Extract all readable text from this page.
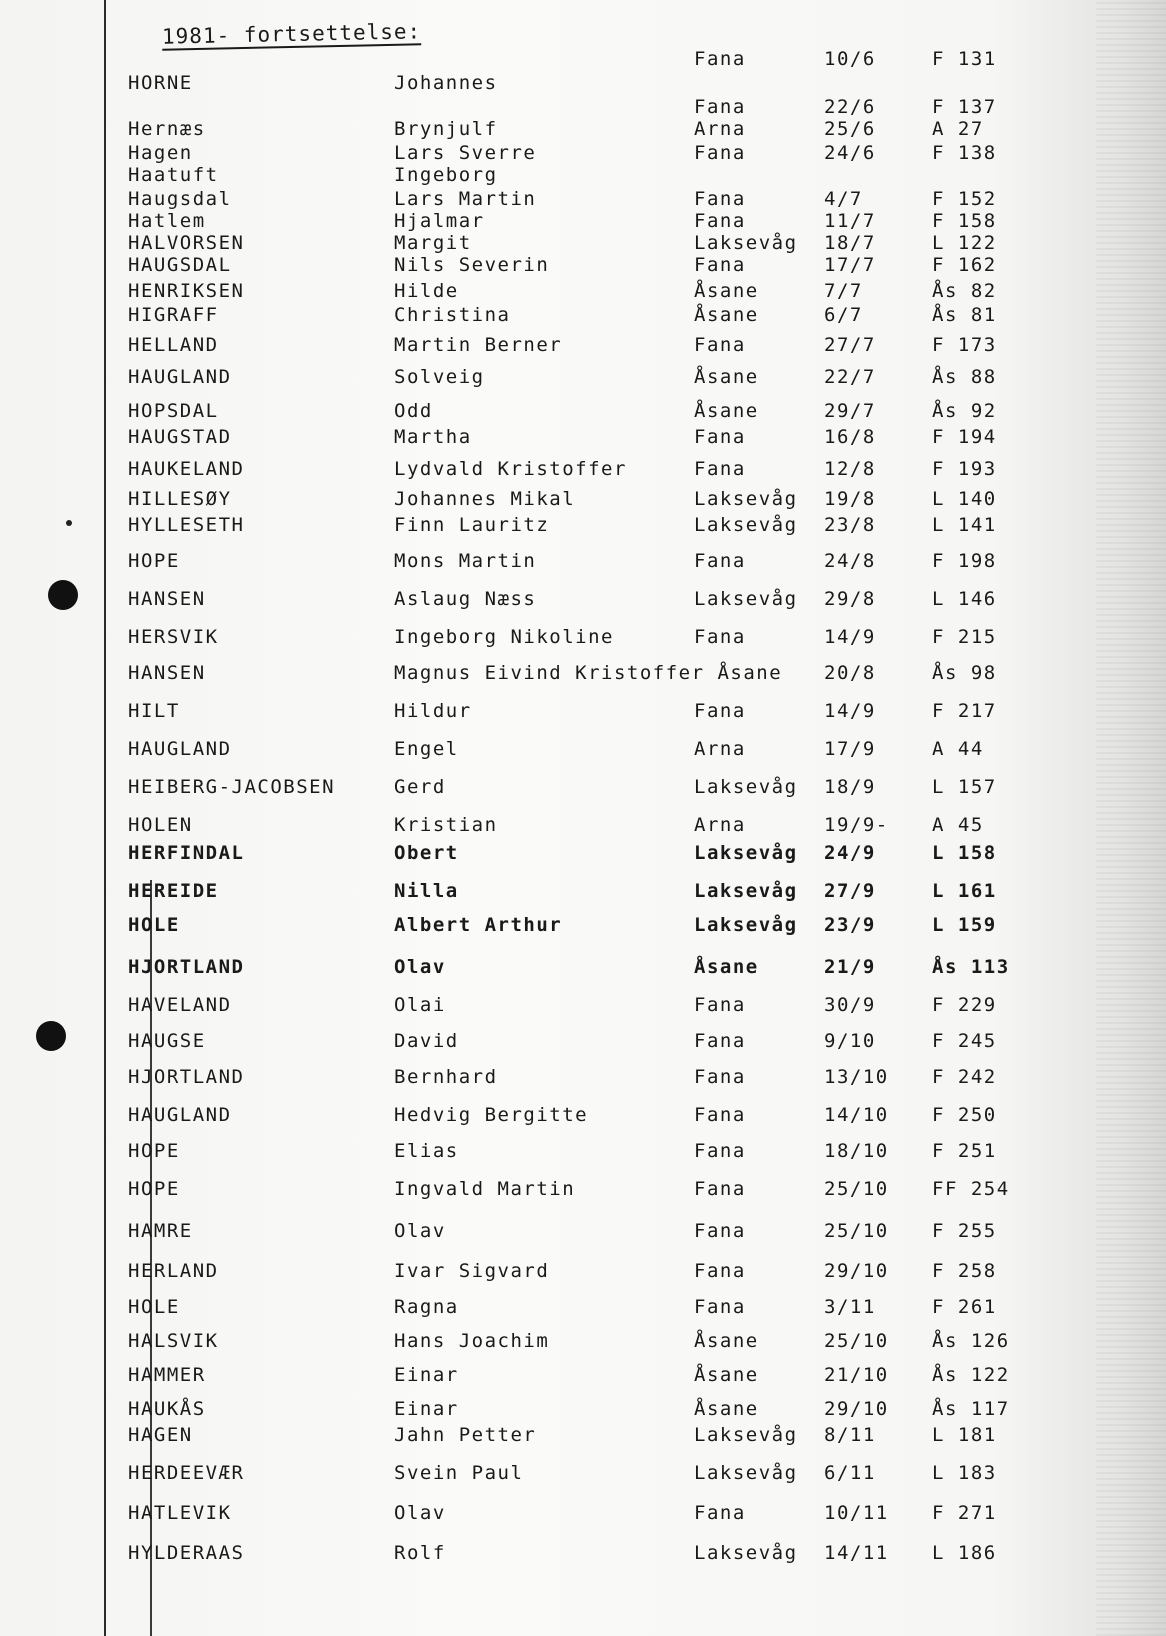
1981- fortsettelse:
Fana	10/6	F 131
HORNE	Johannes
Fana	22/6	F 137
Hernæs	Brynjulf	Arna	25/6	A 27
Hagen	Lars Sverre	Fana	24/6	F 138
Haatuft	Ingeborg
Haugsdal	Lars Martin	Fana	4/7	F 152
Hatlem	Hjalmar	Fana	11/7	F 158
HALVORSEN	Margit	Laksevåg 18/7	L 122
HAUGSDAL	Nils Severin	Fana	17/7	F 162
HENRIKSEN	Hilde	Åsane	7/7	Ås 82
HIGRAFF	Christina	Åsane	6/7	Ås 81
HELLAND	Martin Berner	Fana	27/7	F 173
HAUGLAND	Solveig	Åsane	22/7	Ås 88
HOPSDAL	Odd	Åsane	29/7	Ås 92
HAUGSTAD	Martha	Fana	16/8	F 194
HAUKELAND	Lydvald Kristoffer	Fana	12/8	F 193
HILLESØY	Johannes Mikal	Laksevåg 19/8	L 140
HYLLESETH	Finn Lauritz	Laksevåg 23/8	L 141
HOPE	Mons Martin	Fana	24/8	F 198
HANSEN	Aslaug Næss	Laksevåg 29/8	L 146
HERSVIK	Ingeborg Nikoline	Fana	14/9	F 215
HANSEN	Magnus Eivind Kristoffer Åsane 20/8	Ås 98
HILT	Hildur	Fana	14/9	F 217
HAUGLAND	Engel	Arna	17/9	A 44
HEIBERG-JACOBSEN	Gerd	Laksevåg 18/9	L 157
HOLEN	Kristian	Arna	19/9- A 45
HERFINDAL	Obert	Laksevåg 24/9	L 158
HEREIDE	Nilla	Laksevåg 27/9	L 161
HOLE	Albert Arthur	Laksevåg 23/9	L 159
HJORTLAND	Olav	Åsane	21/9	Ås 113
HAVELAND	Olai	Fana	30/9	F 229
HAUGSE	David	Fana	9/10	F 245
HJORTLAND	Bernhard	Fana	13/10 F 242
HAUGLAND	Hedvig Bergitte	Fana	14/10 F 250
HOPE	Elias	Fana	18/10 F 251
HOPE	Ingvald Martin	Fana	25/10 FF 254
HAMRE	Olav	Fana	25/10 F 255
HERLAND	Ivar Sigvard	Fana	29/10 F 258
HOLE	Ragna	Fana	3/11	F 261
HALSVIK	Hans Joachim	Åsane	25/10 Ås 126
HAMMER	Einar	Åsane	21/10 Ås 122
HAUKÅS	Einar	Åsane	29/10 Ås 117
HAGEN	Jahn Petter	Laksevåg 8/11	L 181
HERDEEVÆR	Svein Paul	Laksevåg 6/11	L 183
HATLEVIK	Olav	Fana	10/11 F 271
HYLDERAAS	Rolf	Laksevåg 14/11 L 186
